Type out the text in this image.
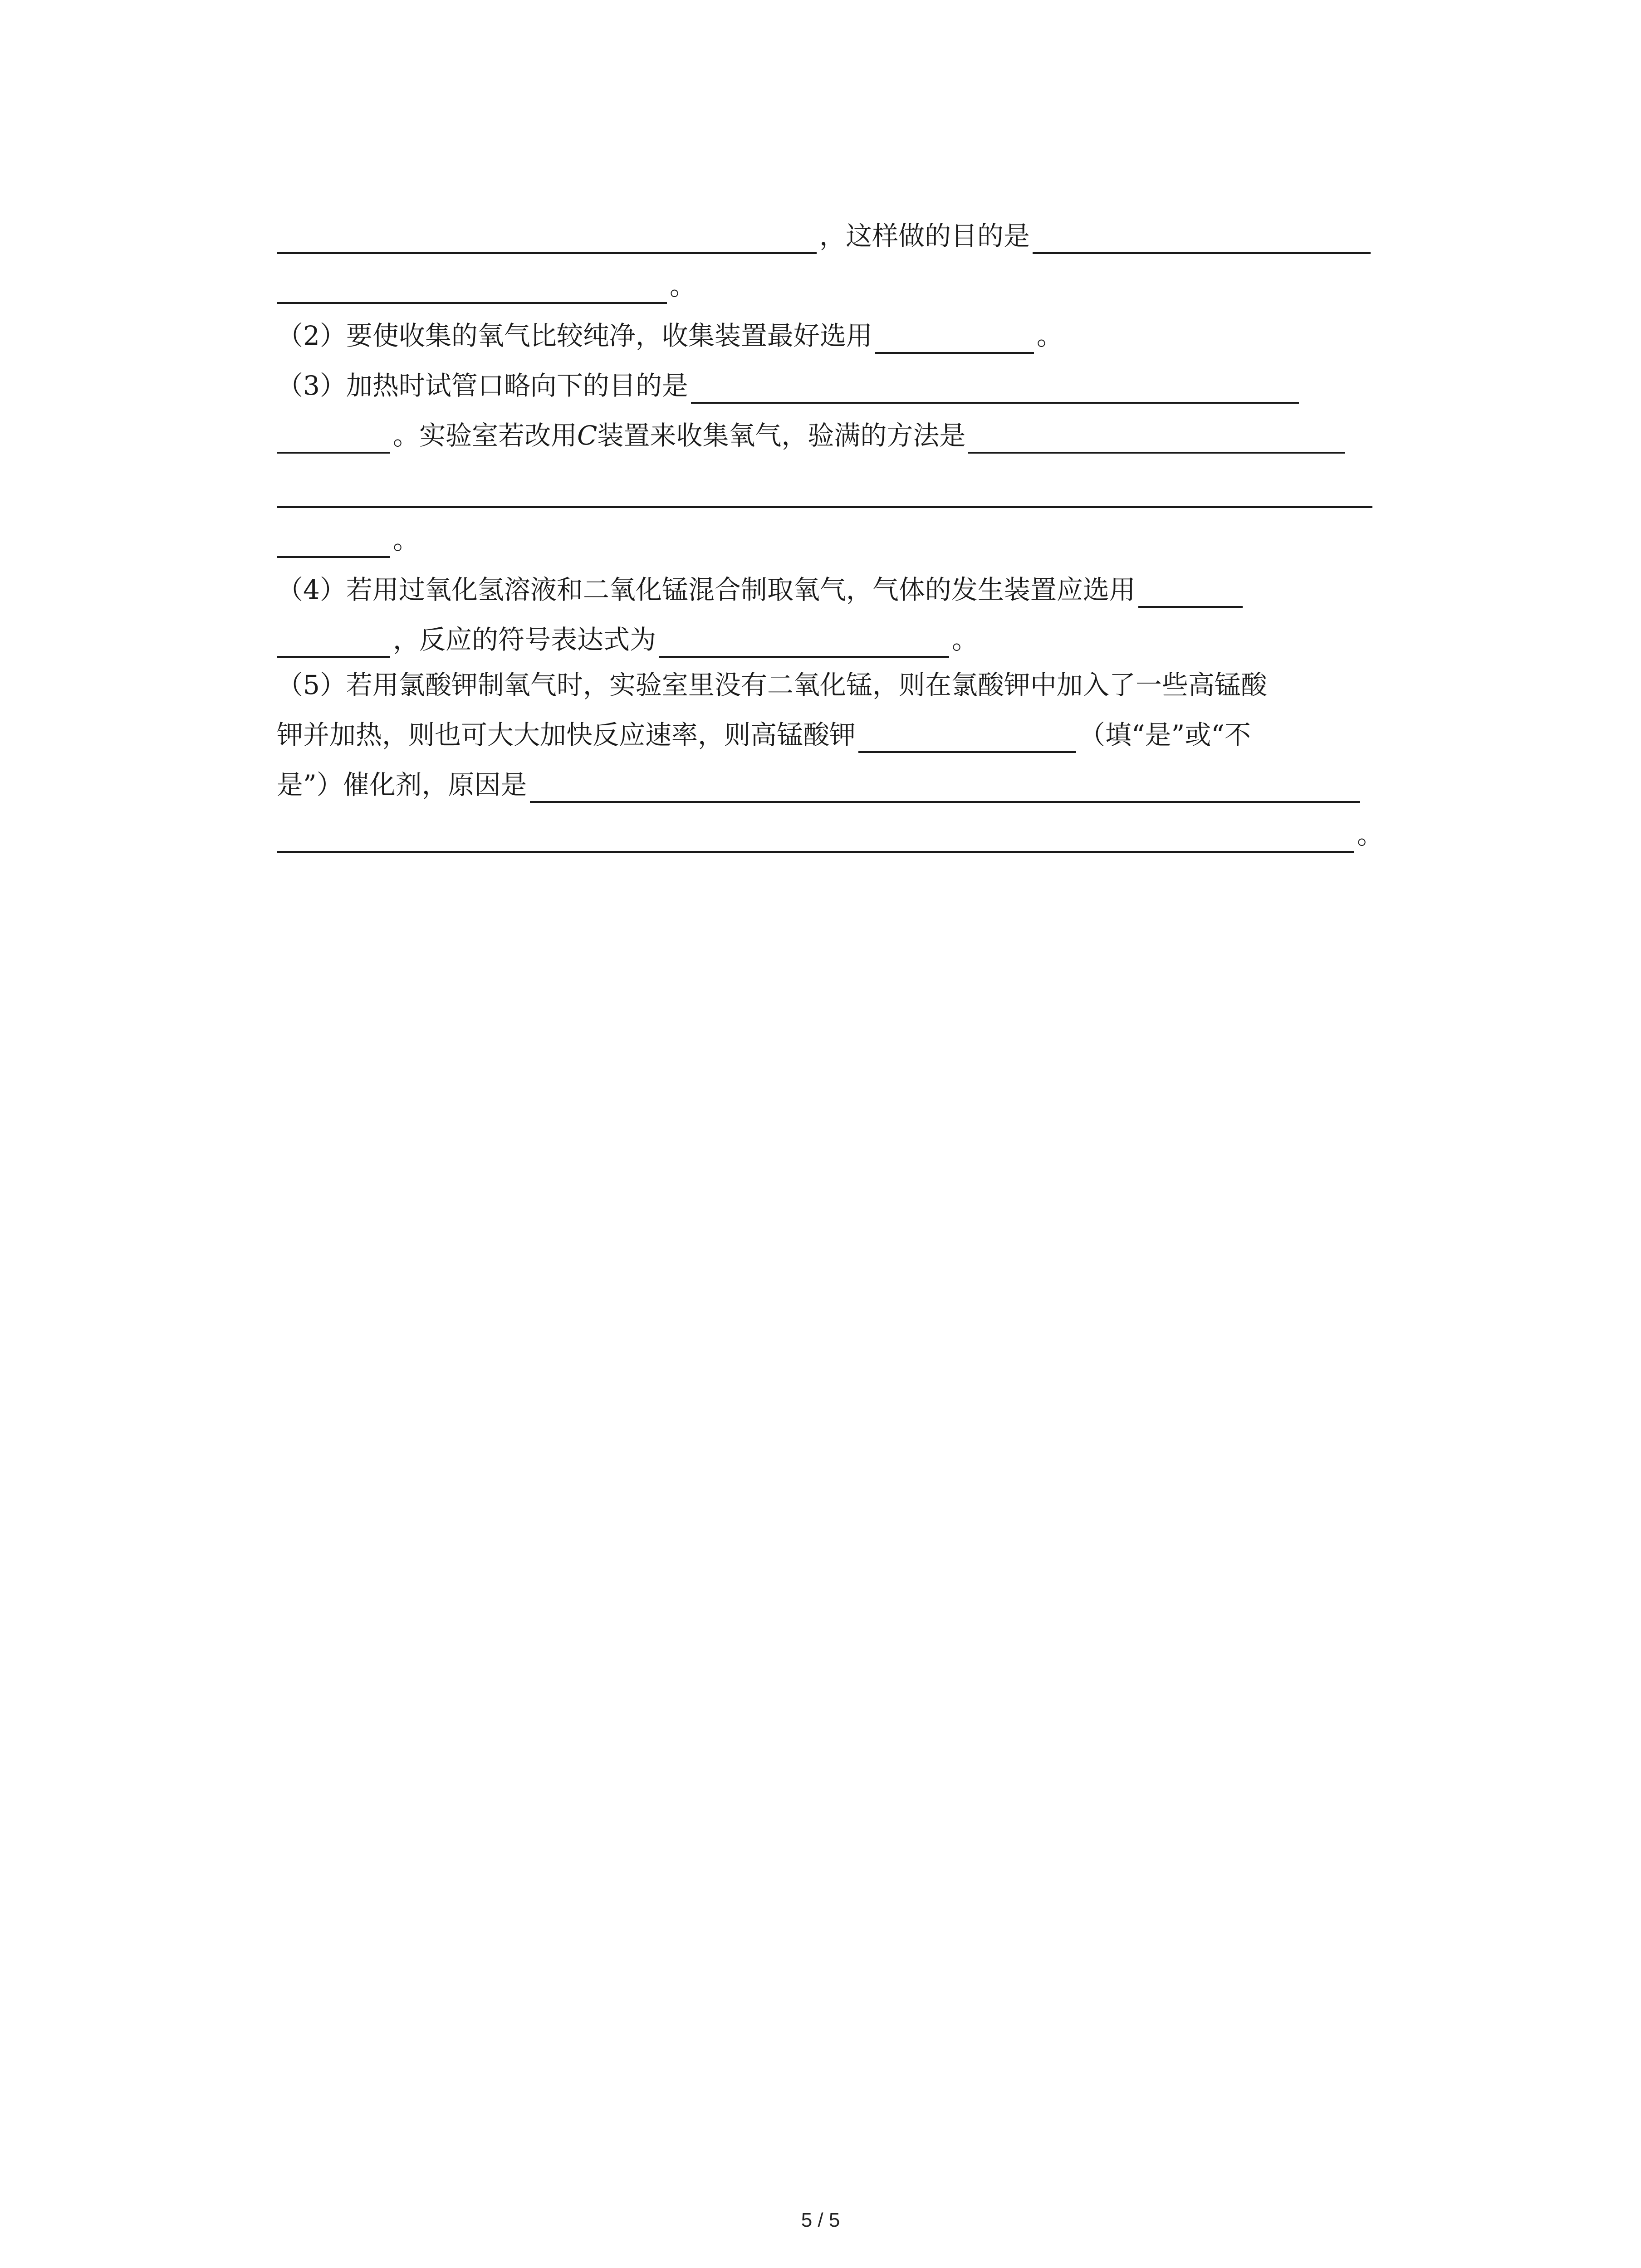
，这样做的目的是
。
（2）要使收集的氧气比较纯净，收集装置最好选用	。
（3）加热时试管口略向下的目的是
。实验室若改用C装置来收集氧气，验满的方法是
。
（4）若用过氧化氢溶液和二氧化锰混合制取氧气，气体的发生装置应选用
，反应的符号表达式为	。
（5）若用氯酸钾制氧气时，实验室里没有二氧化锰，则在氯酸钾中加入了一些高锰酸
钾并加热，则也可大大加快反应速率，则高锰酸钾	（填“是”或“不
是”）催化剂，原因是
。
5 / 5
